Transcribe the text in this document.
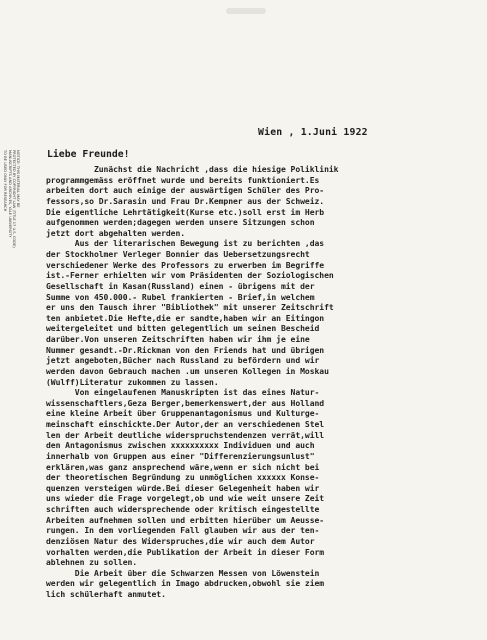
NOTICE: THIS MATERIAL MAY BE
PROTECTED BY COPYRIGHT LAW (TITLE 17 U.S. CODE)
MANUSCRIPTS AND ARCHIVES, YALE UNIVERSITY
TO BE USED ONLY FOR RESEARCH
Wien , 1.Juni 1922
Liebe Freunde!
Zunächst die Nachricht ,dass die hiesige Poliklinik
programmgemäss eröffnet wurde und bereits funktioniert.Es
arbeiten dort auch einige der auswärtigen Schüler des Pro-
fessors,so Dr.Sarasin und Frau Dr.Kempner aus der Schweiz.
Die eigentliche Lehrtätigkeit(Kurse etc.)soll erst im Herb
aufgenommen werden;dagegen werden unsere Sitzungen schon
jetzt dort abgehalten werden.
Aus der literarischen Bewegung ist zu berichten ,das
der Stockholmer Verleger Bonnier das Uebersetzungsrecht
verschiedener Werke des Professors zu erwerben im Begriffe
ist.-Ferner erhielten wir vom Präsidenten der Soziologischen
Gesellschaft in Kasan(Russland) einen - übrigens mit der
Summe von 450.000.- Rubel frankierten - Brief,in welchem
er uns den Tausch ihrer "Bibliothek" mit unserer Zeitschrift
ten anbietet.Die Hefte,die er sandte,haben wir an Eitingon
weitergeleitet und bitten gelegentlich um seinen Bescheid
darüber.Von unseren Zeitschriften haben wir ihm je eine
Nummer gesandt.-Dr.Rickman von den Friends hat und übrigen
jetzt angeboten,Bücher nach Russland zu befördern und wir
werden davon Gebrauch machen .um unseren Kollegen in Moskau
(Wulff)Literatur zukommen zu lassen.
Von eingelaufenen Manuskripten ist das eines Natur-
wissenschaftlers,Geza Berger,bemerkenswert,der aus Holland
eine kleine Arbeit über Gruppenantagonismus und Kulturge-
meinschaft einschickte.Der Autor,der an verschiedenen Stel
len der Arbeit deutliche widerspruchstendenzen verrät,will
den Antagonismus zwischen xxxxxxxxxx Individuen und auch
innerhalb von Gruppen aus einer "Differenzierungsunlust"
erklären,was ganz ansprechend wäre,wenn er sich nicht bei
der theoretischen Begründung zu unmöglichen xxxxxx Konse-
quenzen versteigen würde.Bei dieser Gelegenheit haben wir
uns wieder die Frage vorgelegt,ob und wie weit unsere Zeit
schriften auch widersprechende oder kritisch eingestellte
Arbeiten aufnehmen sollen und erbitten hierüber um Aeusse-
rungen. In dem vorliegenden Fall glauben wir aus der ten-
denziösen Natur des Widerspruches,die wir auch dem Autor
vorhalten werden,die Publikation der Arbeit in dieser Form
ablehnen zu sollen.
Die Arbeit über die Schwarzen Messen von Löwenstein
werden wir gelegentlich in Imago abdrucken,obwohl sie ziem
lich schülerhaft anmutet.
